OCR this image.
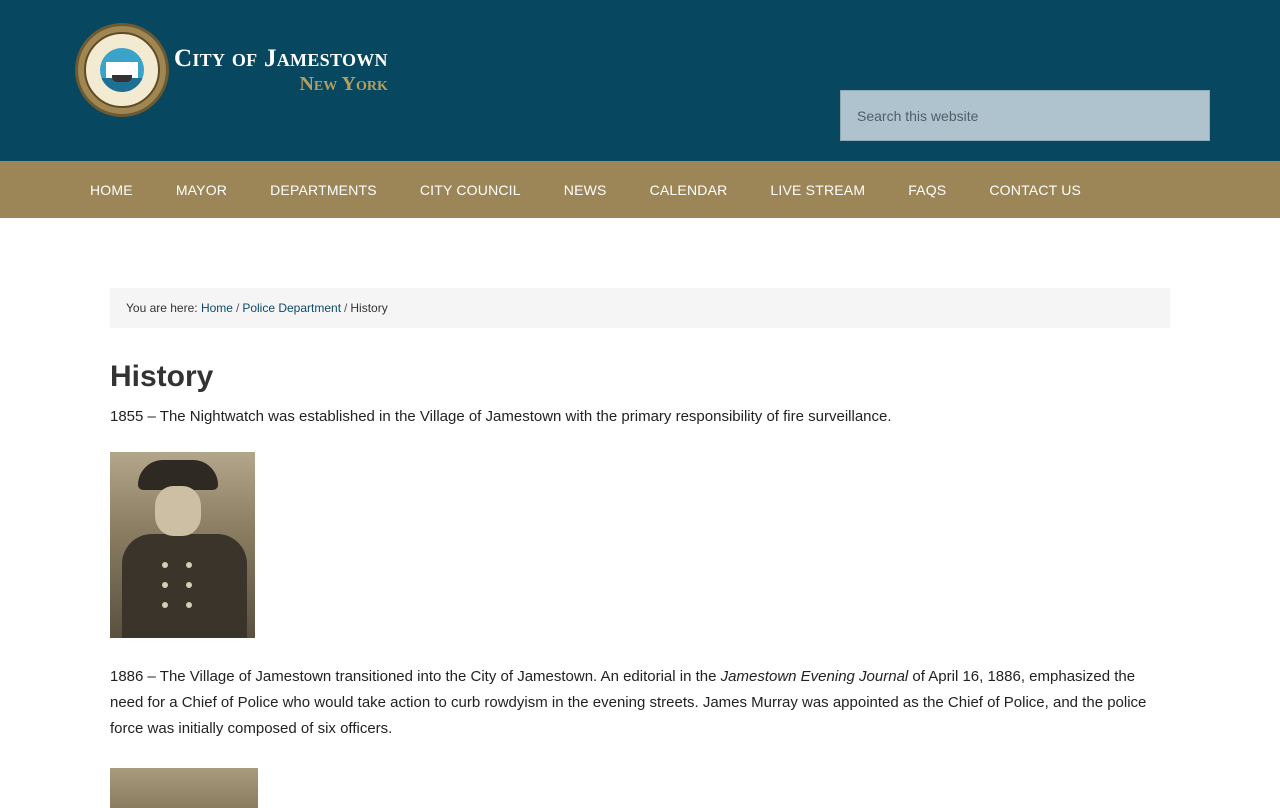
City of Jamestown
New York
Search this website
HOME	MAYOR	DEPARTMENTS	CITY COUNCIL	NEWS	CALENDAR	LIVE STREAM	FAQS	CONTACT US
You are here:
Home / Police Department / History
History

1855 – The Nightwatch was established in the Village of Jamestown with the primary responsibility of fire surveillance.

1886 – The Village of Jamestown transitioned into the City of Jamestown. An editorial in the Jamestown Evening Journal of April 16, 1886, emphasized the need for a Chief of Police who would take action to curb rowdyism in the evening streets. James Murray was appointed as the Chief of Police, and the police force was initially composed of six officers.
